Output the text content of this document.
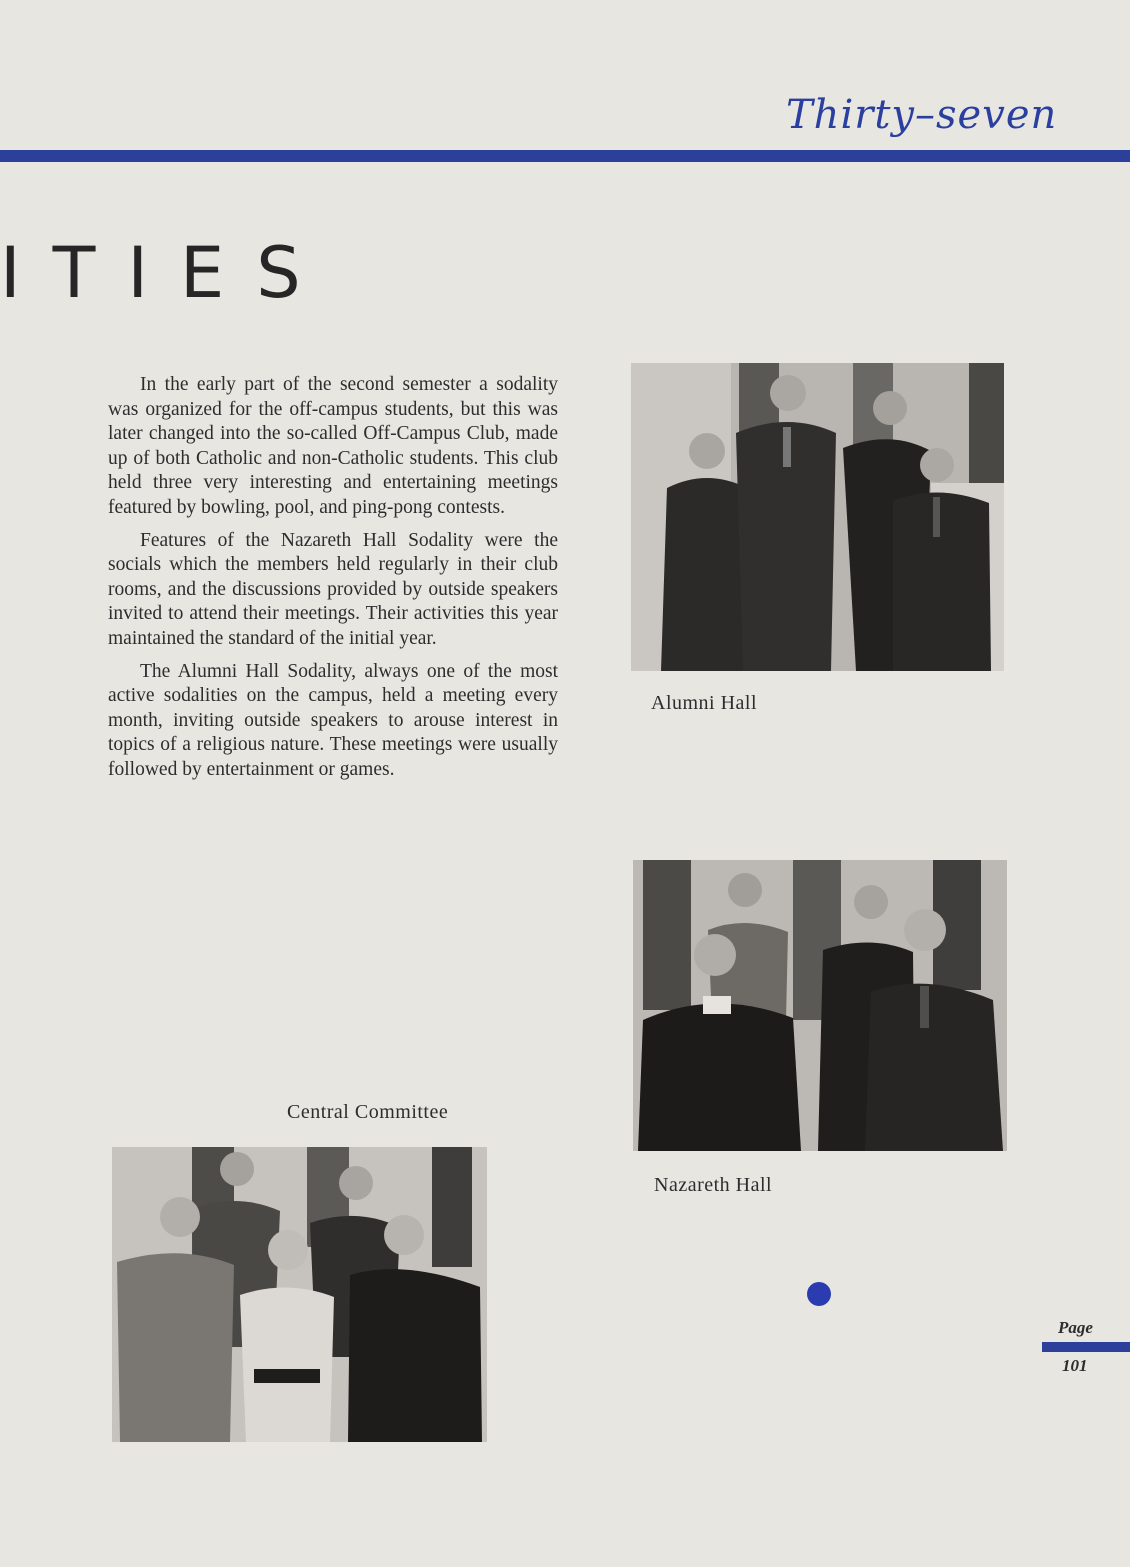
Thirty–seven
ITIES

In the early part of the second semester a sodality was organized for the off-campus students, but this was later changed into the so-called Off-Campus Club, made up of both Catholic and non-Catholic students. This club held three very interesting and entertaining meetings featured by bowling, pool, and ping-pong contests.

Features of the Nazareth Hall Sodality were the socials which the members held regularly in their club rooms, and the discussions provided by outside speakers invited to attend their meetings. Their activities this year maintained the standard of the initial year.

The Alumni Hall Sodality, always one of the most active sodalities on the campus, held a meeting every month, inviting outside speakers to arouse interest in topics of a religious nature. These meetings were usually followed by entertainment or games.

Alumni Hall
Nazareth Hall
Central Committee
Page
101
